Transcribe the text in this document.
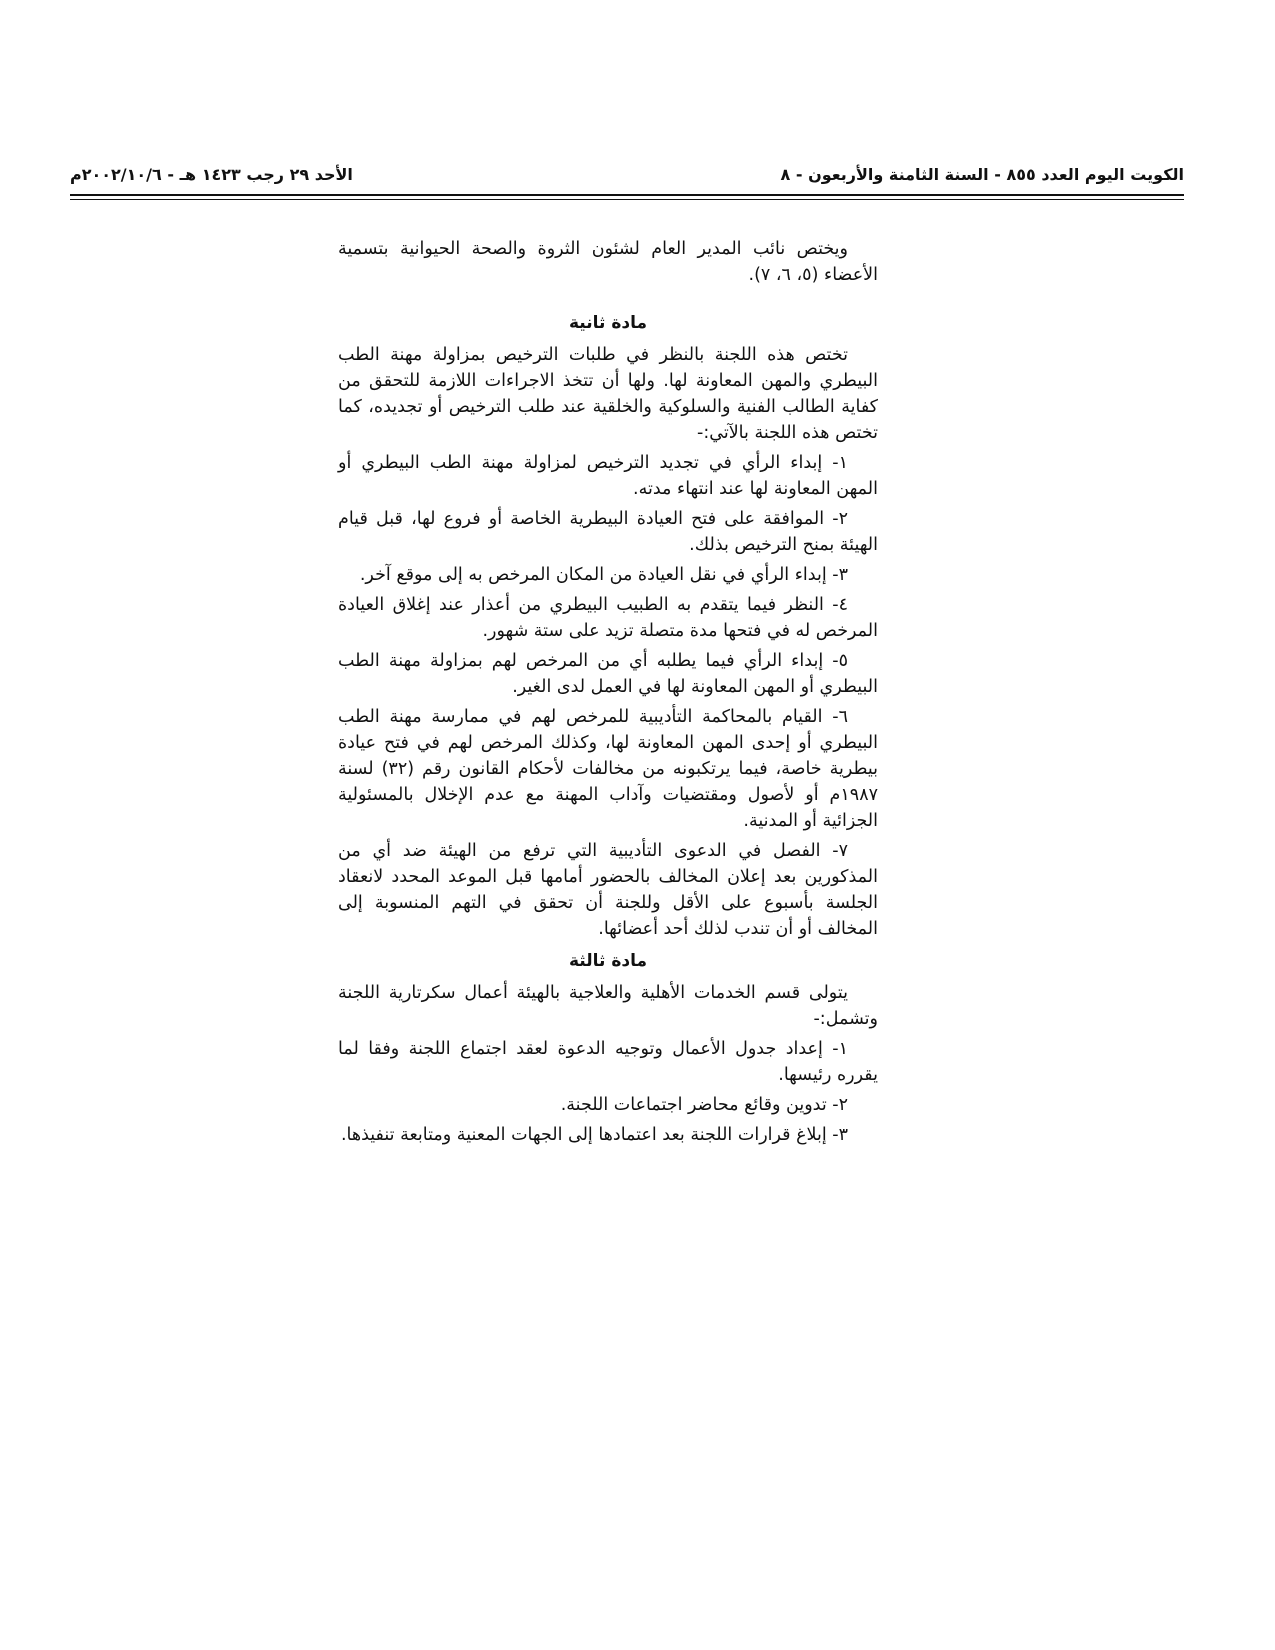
الكويت اليوم العدد ٨٥٥ - السنة الثامنة والأربعون - ٨
الأحد ٢٩ رجب ١٤٢٣ هـ - ٢٠٠٢/١٠/٦م

ويختص نائب المدير العام لشئون الثروة والصحة الحيوانية بتسمية الأعضاء (٥، ٦، ٧).

مادة ثانية

تختص هذه اللجنة بالنظر في طلبات الترخيص بمزاولة مهنة الطب البيطري والمهن المعاونة لها. ولها أن تتخذ الاجراءات اللازمة للتحقق من كفاية الطالب الفنية والسلوكية والخلقية عند طلب الترخيص أو تجديده، كما تختص هذه اللجنة بالآتي:-

١- إبداء الرأي في تجديد الترخيص لمزاولة مهنة الطب البيطري أو المهن المعاونة لها عند انتهاء مدته.

٢- الموافقة على فتح العيادة البيطرية الخاصة أو فروع لها، قبل قيام الهيئة بمنح الترخيص بذلك.

٣- إبداء الرأي في نقل العيادة من المكان المرخص به إلى موقع آخر.

٤- النظر فيما يتقدم به الطبيب البيطري من أعذار عند إغلاق العيادة المرخص له في فتحها مدة متصلة تزيد على ستة شهور.

٥- إبداء الرأي فيما يطلبه أي من المرخص لهم بمزاولة مهنة الطب البيطري أو المهن المعاونة لها في العمل لدى الغير.

٦- القيام بالمحاكمة التأديبية للمرخص لهم في ممارسة مهنة الطب البيطري أو إحدى المهن المعاونة لها، وكذلك المرخص لهم في فتح عيادة بيطرية خاصة، فيما يرتكبونه من مخالفات لأحكام القانون رقم (٣٢) لسنة ١٩٨٧م أو لأصول ومقتضيات وآداب المهنة مع عدم الإخلال بالمسئولية الجزائية أو المدنية.

٧- الفصل في الدعوى التأديبية التي ترفع من الهيئة ضد أي من المذكورين بعد إعلان المخالف بالحضور أمامها قبل الموعد المحدد لانعقاد الجلسة بأسبوع على الأقل وللجنة أن تحقق في التهم المنسوبة إلى المخالف أو أن تندب لذلك أحد أعضائها.

مادة ثالثة

يتولى قسم الخدمات الأهلية والعلاجية بالهيئة أعمال سكرتارية اللجنة وتشمل:-

١- إعداد جدول الأعمال وتوجيه الدعوة لعقد اجتماع اللجنة وفقا لما يقرره رئيسها.

٢- تدوين وقائع محاضر اجتماعات اللجنة.

٣- إبلاغ قرارات اللجنة بعد اعتمادها إلى الجهات المعنية ومتابعة تنفيذها.
